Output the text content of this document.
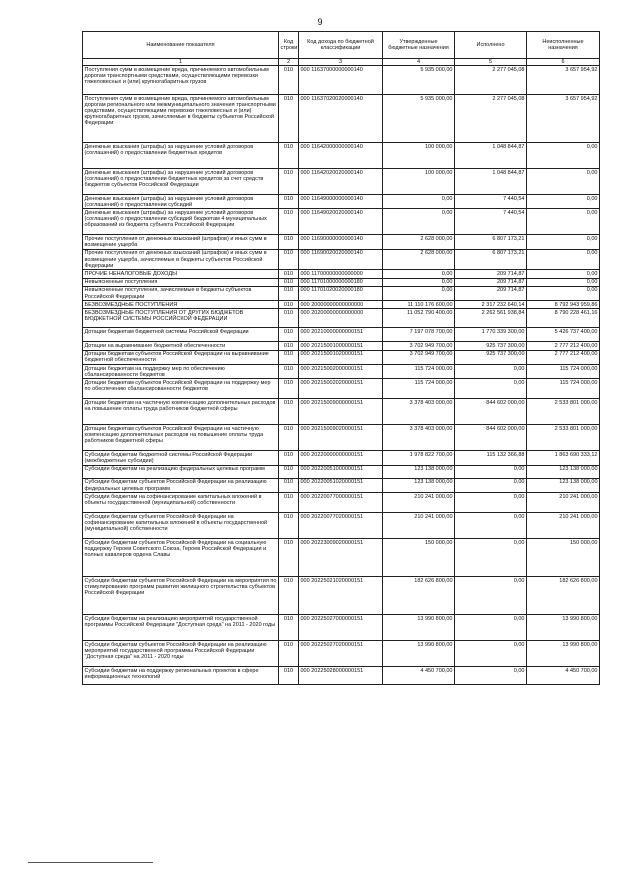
9
Наименование показателя	Код строки	Код дохода по бюджетной классификации	Утвержденные бюджетные назначения	Исполнено	Неисполненные назначения
1	2	3	4	5	6
Поступления сумм в возмещение вреда, причиняемого автомобильным дорогам транспортными средствами, осуществляющими перевозки тяжеловесных и (или) крупногабаритных грузов	010	000 11637000000000140	5 935 000,00	2 277 045,08	3 657 954,92
Поступления сумм в возмещение вреда, причиняемого автомобильным дорогам регионального или межмуниципального значения транспортными средствами, осуществляющими перевозки тяжеловесных и (или) крупногабаритных грузов, зачисляемые в бюджеты субъектов Российской Федерации	010	000 11637020020000140	5 935 000,00	2 277 045,08	3 657 954,92
Денежные взыскания (штрафы) за нарушение условий договоров (соглашений) о предоставлении бюджетных кредитов	010	000 11642000000000140	100 000,00	1 048 844,87	0,00
Денежные взыскания (штрафы) за нарушение условий договоров (соглашений) о предоставлении бюджетных кредитов за счет средств бюджетов субъектов Российской Федерации	010	000 11642020020000140	100 000,00	1 048 844,87	0,00
Денежные взыскания (штрафы) за нарушение условий договоров (соглашений) о предоставлении субсидий	010	000 11649000000000140	0,00	7 440,54	0,00
Денежные взыскания (штрафы) за нарушение условий договоров (соглашений) о предоставлении субсидий бюджетам 4 муниципальных образований из бюджета субъекта Российской Федерации	010	000 11649020020000140	0,00	7 440,54	0,00
Прочие поступления от денежных взысканий (штрафов) и иных сумм в возмещение ущерба	010	000 11690000000000140	2 628 000,00	6 807 173,21	0,00
Прочие поступления от денежных взысканий (штрафов) и иных сумм в возмещение ущерба, зачисляемые в бюджеты субъектов Российской Федерации	010	000 11690020020000140	2 628 000,00	6 807 173,21	0,00
ПРОЧИЕ НЕНАЛОГОВЫЕ ДОХОДЫ	010	000 11700000000000000	0,00	209 714,87	0,00
Невыясненные поступления	010	000 11701000000000180	0,00	209 714,87	0,00
Невыясненные поступления, зачисляемые в бюджеты субъектов Российской Федерации	010	000 11701020020000180	0,00	209 714,87	0,00
БЕЗВОЗМЕЗДНЫЕ ПОСТУПЛЕНИЯ	010	000 20000000000000000	11 110 176 600,00	2 317 232 640,14	8 792 943 959,86
БЕЗВОЗМЕЗДНЫЕ ПОСТУПЛЕНИЯ ОТ ДРУГИХ БЮДЖЕТОВ БЮДЖЕТНОЙ СИСТЕМЫ РОССИЙСКОЙ ФЕДЕРАЦИИ	010	000 20200000000000000	11 052 790 400,00	2 262 561 938,84	8 790 228 461,16
Дотации бюджетам бюджетной системы Российской Федерации	010	000 20210000000000151	7 197 078 700,00	1 770 339 300,00	5 426 737 400,00
Дотации на выравнивание бюджетной обеспеченности	010	000 20215001000000151	3 702 949 700,00	925 737 300,00	2 777 212 400,00
Дотации бюджетам субъектов Российской Федерации на выравнивание бюджетной обеспеченности	010	000 20215001020000151	3 702 949 700,00	925 737 300,00	2 777 212 400,00
Дотации бюджетам на поддержку мер по обеспечению сбалансированности бюджетов	010	000 20215002000000151	115 724 000,00	0,00	115 724 000,00
Дотации бюджетам субъектов Российской Федерации на поддержку мер по обеспечению сбалансированности бюджетов	010	000 20215002020000151	115 724 000,00	0,00	115 724 000,00
Дотации бюджетам на частичную компенсацию дополнительных расходов на повышение оплаты труда работников бюджетной сферы	010	000 20215009000000151	3 378 403 000,00	844 602 000,00	2 533 801 000,00
Дотации бюджетам субъектов Российской Федерации на частичную компенсацию дополнительных расходов на повышение оплаты труда работников бюджетной сферы	010	000 20215009020000151	3 378 403 000,00	844 602 000,00	2 533 801 000,00
Субсидии бюджетам бюджетной системы Российской Федерации (межбюджетные субсидии)	010	000 20220000000000151	1 978 822 700,00	115 132 366,88	1 863 690 333,12
Субсидии бюджетам на реализацию федеральных целевых программ	010	000 20220051000000151	123 138 000,00	0,00	123 138 000,00
Субсидии бюджетам субъектов Российской Федерации на реализацию федеральных целевых программ	010	000 20220051020000151	123 138 000,00	0,00	123 138 000,00
Субсидии бюджетам на софинансирование капитальных вложений в объекты государственной (муниципальной) собственности	010	000 20220077000000151	210 241 000,00	0,00	210 241 000,00
Субсидии бюджетам субъектов Российской Федерации на софинансирование капитальных вложений в объекты государственной (муниципальной) собственности	010	000 20220077020000151	210 241 000,00	0,00	210 241 000,00
Субсидии бюджетам субъектов Российской Федерации на социальную поддержку Героев Советского Союза, Героев Российской Федерации и полных кавалеров ордена Славы	010	000 20223009020000151	150 000,00	0,00	150 000,00
Субсидии бюджетам субъектов Российской Федерации на мероприятия по стимулированию программ развития жилищного строительства субъектов Российской Федерации	010	000 20225021020000151	182 626 800,00	0,00	182 626 800,00
Субсидии бюджетам на реализацию мероприятий государственной программы Российской Федерации "Доступная среда" на 2011 - 2020 годы	010	000 20225027000000151	13 990 800,00	0,00	13 990 800,00
Субсидии бюджетам субъектов Российской Федерации на реализацию мероприятий государственной программы Российской Федерации "Доступная среда" на 2011 - 2020 годы	010	000 20225027020000151	13 990 800,00	0,00	13 990 800,00
Субсидии бюджетам на поддержку региональных проектов в сфере информационных технологий	010	000 20225028000000151	4 450 700,00	0,00	4 450 700,00
